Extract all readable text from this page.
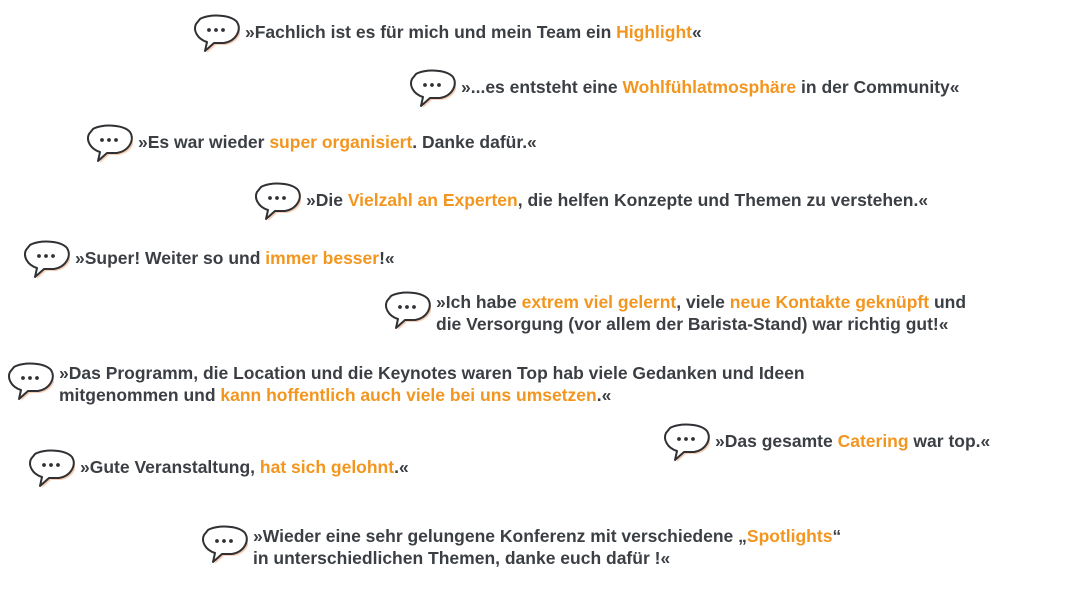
»Fachlich ist es für mich und mein Team ein Highlight«
»...es entsteht eine Wohlfühlatmosphäre in der Community«
»Es war wieder super organisiert. Danke dafür.«
»Die Vielzahl an Experten, die helfen Konzepte und Themen zu verstehen.«
»Super! Weiter so und immer besser!«
»Ich habe extrem viel gelernt, viele neue Kontakte geknüpft und
die Versorgung (vor allem der Barista-Stand) war richtig gut!«
»Das Programm, die Location und die Keynotes waren Top hab viele Gedanken und Ideen
mitgenommen und kann hoffentlich auch viele bei uns umsetzen.«
»Das gesamte Catering war top.«
»Gute Veranstaltung, hat sich gelohnt.«
»Wieder eine sehr gelungene Konferenz mit verschiedene „Spotlights“
in unterschiedlichen Themen, danke euch dafür !«
